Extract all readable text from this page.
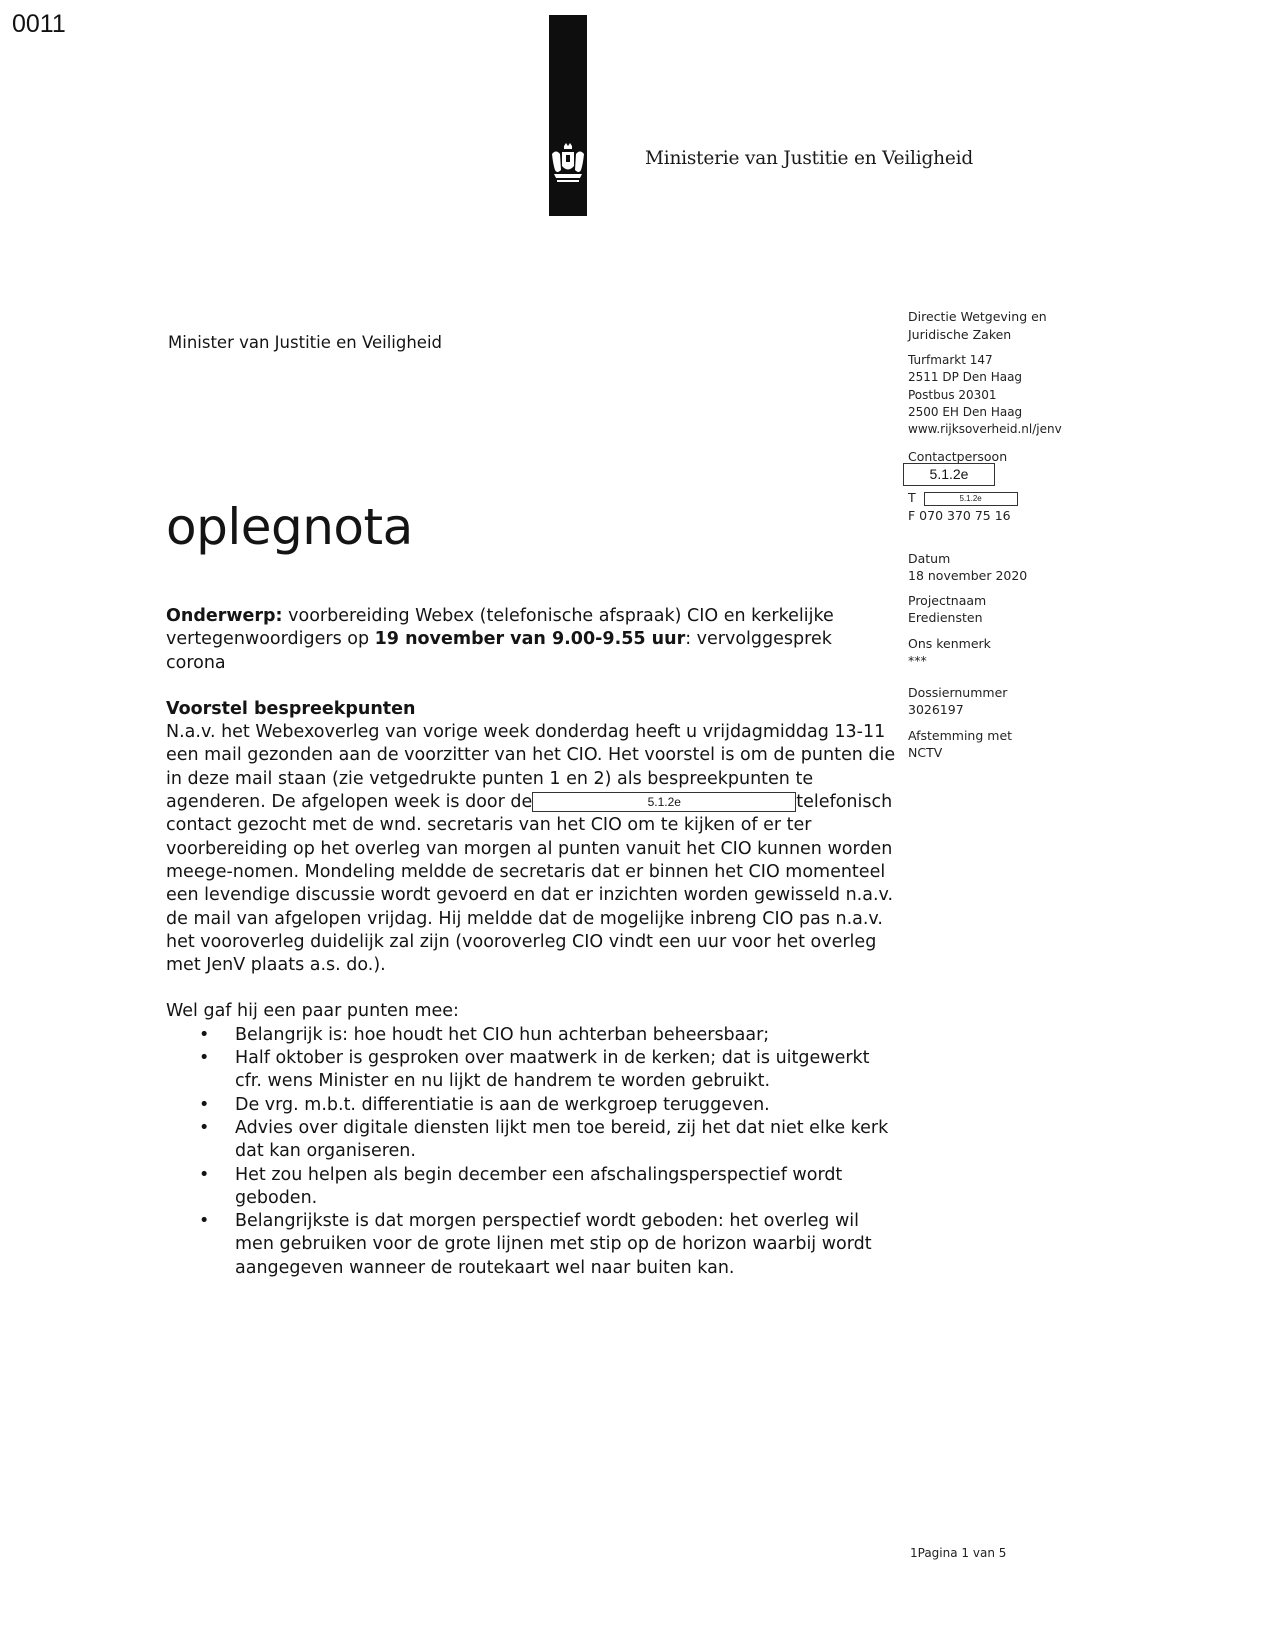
0011
Ministerie van Justitie en Veiligheid
Minister van Justitie en Veiligheid
oplegnota
Directie Wetgeving en
Juridische Zaken
Turfmarkt 147
2511 DP Den Haag
Postbus 20301
2500 EH Den Haag
www.rijksoverheid.nl/jenv
Contactpersoon
5.1.2e
T	5.1.2e
F 070 370 75 16
Datum
18 november 2020
Projectnaam
Erediensten
Ons kenmerk
***
Dossiernummer
3026197
Afstemming met
NCTV

Onderwerp: voorbereiding Webex (telefonische afspraak) CIO en kerkelijke vertegenwoordigers op 19 november van 9.00-9.55 uur: vervolggesprek corona

Voorstel bespreekpunten

N.a.v. het Webexoverleg van vorige week donderdag heeft u vrijdagmiddag 13-11 een mail gezonden aan de voorzitter van het CIO. Het voorstel is om de punten die in deze mail staan (zie vetgedrukte punten 1 en 2) als bespreekpunten te agenderen. De afgelopen week is door de	5.1.2e	telefonisch contact gezocht met de wnd. secretaris van het CIO om te kijken of er ter voorbereiding op het overleg van morgen al punten vanuit het CIO kunnen worden meege-nomen. Mondeling meldde de secretaris dat er binnen het CIO momenteel een levendige discussie wordt gevoerd en dat er inzichten worden gewisseld n.a.v. de mail van afgelopen vrijdag. Hij meldde dat de mogelijke inbreng CIO pas n.a.v. het vooroverleg duidelijk zal zijn (vooroverleg CIO vindt een uur voor het overleg met JenV plaats a.s. do.).

Wel gaf hij een paar punten mee:

• Belangrijk is: hoe houdt het CIO hun achterban beheersbaar;
• Half oktober is gesproken over maatwerk in de kerken; dat is uitgewerkt cfr. wens Minister en nu lijkt de handrem te worden gebruikt.
• De vrg. m.b.t. differentiatie is aan de werkgroep teruggeven.
• Advies over digitale diensten lijkt men toe bereid, zij het dat niet elke kerk dat kan organiseren.
• Het zou helpen als begin december een afschalingsperspectief wordt geboden.
• Belangrijkste is dat morgen perspectief wordt geboden: het overleg wil men gebruiken voor de grote lijnen met stip op de horizon waarbij wordt aangegeven wanneer de routekaart wel naar buiten kan.
1Pagina 1 van 5
